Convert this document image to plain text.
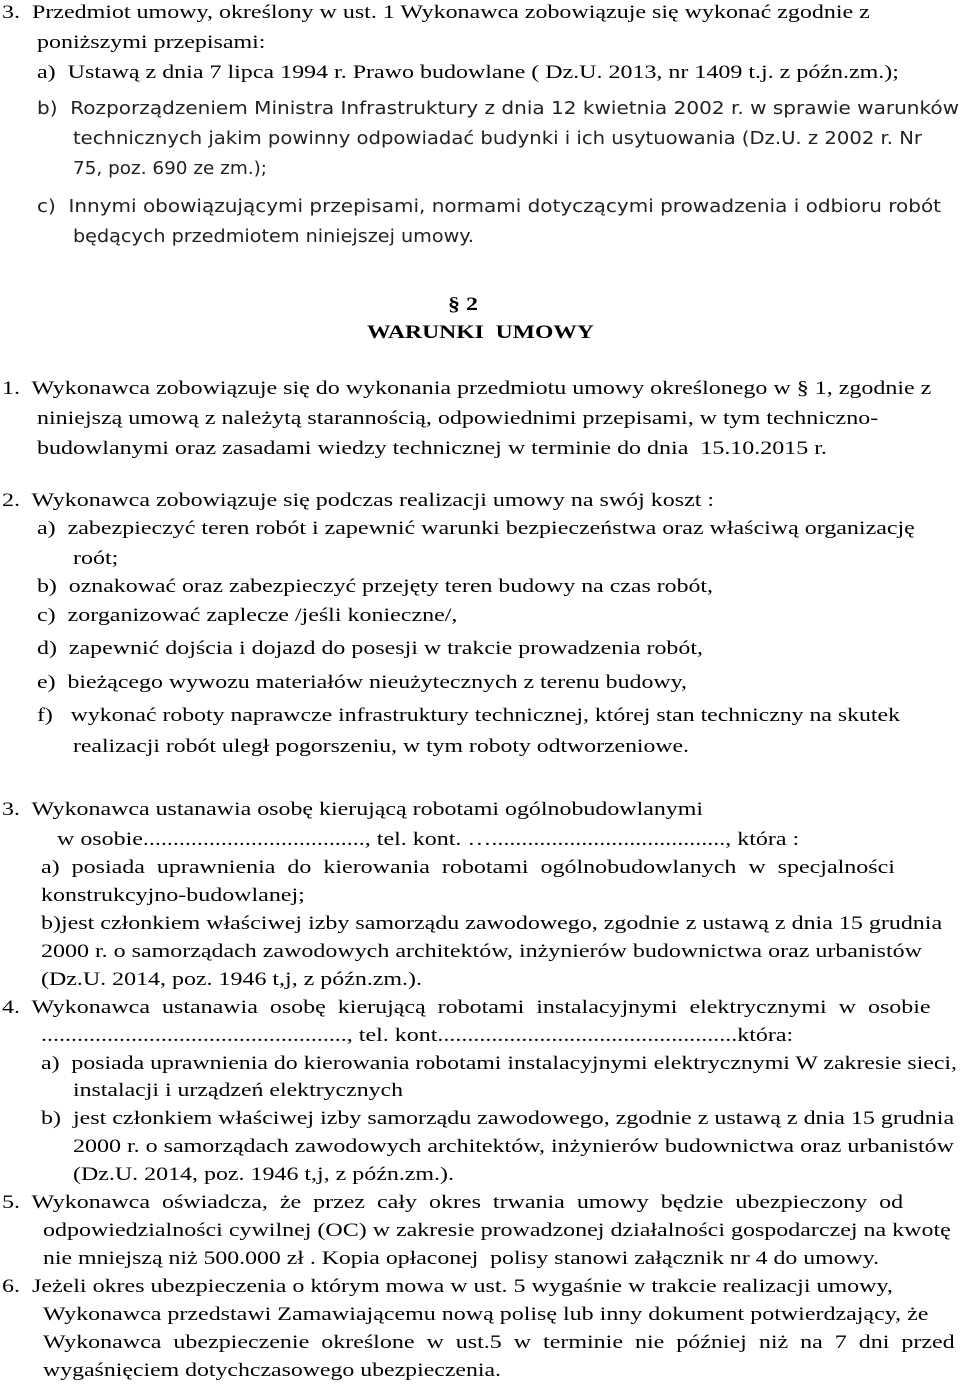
3.  Przedmiot umowy, określony w ust. 1 Wykonawca zobowiązuje się wykonać zgodnie z
poniższymi przepisami:
a)  Ustawą z dnia 7 lipca 1994 r. Prawo budowlane ( Dz.U. 2013, nr 1409 t.j. z późn.zm.);
b)  Rozporządzeniem Ministra Infrastruktury z dnia 12 kwietnia 2002 r. w sprawie warunków
technicznych jakim powinny odpowiadać budynki i ich usytuowania (Dz.U. z 2002 r. Nr
75, poz. 690 ze zm.);
c)  Innymi obowiązującymi przepisami, normami dotyczącymi prowadzenia i odbioru robót
będących przedmiotem niniejszej umowy.
§ 2
WARUNKI  UMOWY
1.  Wykonawca zobowiązuje się do wykonania przedmiotu umowy określonego w § 1, zgodnie z
niniejszą umową z należytą starannością, odpowiednimi przepisami, w tym techniczno-
budowlanymi oraz zasadami wiedzy technicznej w terminie do dnia  15.10.2015 r.
2.  Wykonawca zobowiązuje się podczas realizacji umowy na swój koszt :
a)  zabezpieczyć teren robót i zapewnić warunki bezpieczeństwa oraz właściwą organizację
roót;
b)  oznakować oraz zabezpieczyć przejęty teren budowy na czas robót,
c)  zorganizować zaplecze /jeśli konieczne/,
d)  zapewnić dojścia i dojazd do posesji w trakcie prowadzenia robót,
e)  bieżącego wywozu materiałów nieużytecznych z terenu budowy,
f)   wykonać roboty naprawcze infrastruktury technicznej, której stan techniczny na skutek
realizacji robót uległ pogorszeniu, w tym roboty odtworzeniowe.
3.  Wykonawca ustanawia osobę kierującą robotami ogólnobudowlanymi
w osobie....................................., tel. kont. …......................................., która :
a)  posiada  uprawnienia  do  kierowania  robotami  ogólnobudowlanych  w  specjalności
konstrukcyjno-budowlanej;
b)jest członkiem właściwej izby samorządu zawodowego, zgodnie z ustawą z dnia 15 grudnia
2000 r. o samorządach zawodowych architektów, inżynierów budownictwa oraz urbanistów
(Dz.U. 2014, poz. 1946 t,j, z późn.zm.).
4.  Wykonawca  ustanawia  osobę  kierującą  robotami  instalacyjnymi  elektrycznymi  w  osobie
..................................................., tel. kont..................................................która:
a)  posiada uprawnienia do kierowania robotami instalacyjnymi elektrycznymi W zakresie sieci,
instalacji i urządzeń elektrycznych
b)  jest członkiem właściwej izby samorządu zawodowego, zgodnie z ustawą z dnia 15 grudnia
2000 r. o samorządach zawodowych architektów, inżynierów budownictwa oraz urbanistów
(Dz.U. 2014, poz. 1946 t,j, z późn.zm.).
5.  Wykonawca  oświadcza,  że  przez  cały  okres  trwania  umowy  będzie  ubezpieczony  od
odpowiedzialności cywilnej (OC) w zakresie prowadzonej działalności gospodarczej na kwotę
nie mniejszą niż 500.000 zł . Kopia opłaconej  polisy stanowi załącznik nr 4 do umowy.
6.  Jeżeli okres ubezpieczenia o którym mowa w ust. 5 wygaśnie w trakcie realizacji umowy,
Wykonawca przedstawi Zamawiającemu nową polisę lub inny dokument potwierdzający, że
Wykonawca  ubezpieczenie  określone  w  ust.5  w  terminie  nie  później  niż  na  7  dni  przed
wygaśnięciem dotychczasowego ubezpieczenia.
